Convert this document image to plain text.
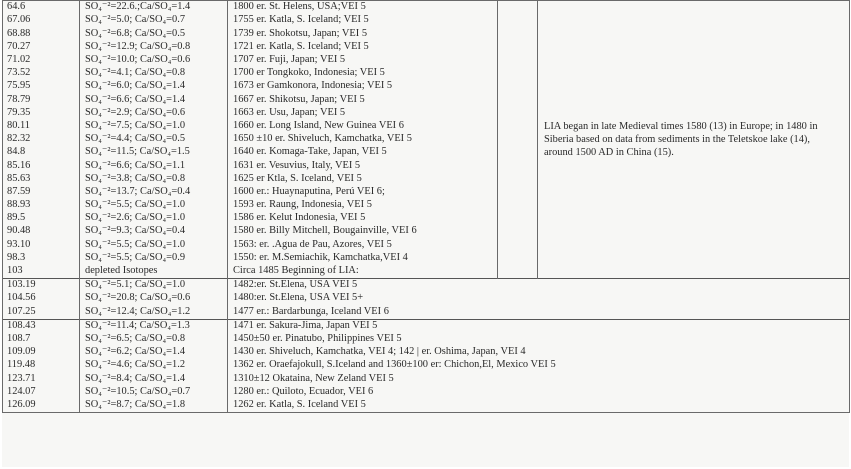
64.6	SO₄⁻²=22.6.;Ca/SO₄=1.4	1800 er. St. Helens, USA;VEI 5		LIA began in late Medieval times 1580 (13) in Europe; in 1480 in Siberia based on data from sediments in the Teletskoe lake (14), around 1500 AD in China (15).
67.06	SO₄⁻²=5.0; Ca/SO₄=0.7	1755 er. Katla, S. Iceland; VEI 5		
68.88	SO₄⁻²=6.8; Ca/SO₄=0.5	1739 er. Shokotsu, Japan; VEI 5		
70.27	SO₄⁻²=12.9; Ca/SO₄=0.8	1721 er. Katla, S. Iceland; VEI 5		
71.02	SO₄⁻²=10.0; Ca/SO₄=0.6	1707 er. Fuji, Japan; VEI 5		
73.52	SO₄⁻²=4.1; Ca/SO₄=0.8	1700 er Tongkoko, Indonesia; VEI 5		
75.95	SO₄⁻²=6.0; Ca/SO₄=1.4	1673 er Gamkonora, Indonesia; VEI 5		
78.79	SO₄⁻²=6.6; Ca/SO₄=1.4	1667 er. Shikotsu, Japan; VEI 5		
79.35	SO₄⁻²=2.9; Ca/SO₄=0.6	1663 er. Usu, Japan; VEI 5		
80.11	SO₄⁻²=7.5; Ca/SO₄=1.0	1660 er. Long Island, New Guinea VEI 6		
82.32	SO₄⁻²=4.4; Ca/SO₄=0.5	1650 ±10 er. Shiveluch, Kamchatka, VEI 5		
84.8	SO₄⁻²=11.5; Ca/SO₄=1.5	1640 er. Komaga-Take, Japan, VEI 5		
85.16	SO₄⁻²=6.6; Ca/SO₄=1.1	1631 er. Vesuvius, Italy, VEI 5		
85.63	SO₄⁻²=3.8; Ca/SO₄=0.8	1625 er Ktla, S. Iceland, VEI 5		
87.59	SO₄⁻²=13.7; Ca/SO₄=0.4	1600 er.: Huaynaputina, Perú VEI 6;		
88.93	SO₄⁻²=5.5; Ca/SO₄=1.0	1593 er. Raung, Indonesia, VEI 5		
89.5	SO₄⁻²=2.6; Ca/SO₄=1.0	1586 er. Kelut Indonesia, VEI 5		
90.48	SO₄⁻²=9.3; Ca/SO₄=0.4	1580 er. Billy Mitchell, Bougainville, VEI 6		
93.10	SO₄⁻²=5.5; Ca/SO₄=1.0	1563: er. .Agua de Pau, Azores, VEI 5		
98.3	SO₄⁻²=5.5; Ca/SO₄=0.9	1550: er. M.Semiachik, Kamchatka,VEI 4		
103	depleted Isotopes	Circa 1485 Beginning of LIA:		
103.19	SO₄⁻²=5.1; Ca/SO₄=1.0	1482:er. St.Elena, USA VEI 5		
104.56	SO₄⁻²=20.8; Ca/SO₄=0.6	1480:er. St.Elena, USA VEI 5+		
107.25	SO₄⁻²=12.4; Ca/SO₄=1.2	1477 er.: Bardarbunga, Iceland VEI 6		
108.43	SO₄⁻²=11.4; Ca/SO₄=1.3	1471 er. Sakura-Jima, Japan VEI 5		
108.7	SO₄⁻²=6.5; Ca/SO₄=0.8	1450±50 er. Pinatubo, Philippines VEI 5		
109.09	SO₄⁻²=6.2; Ca/SO₄=1.4	1430 er. Shiveluch, Kamchatka, VEI 4; 142 | er. Oshima, Japan, VEI 4		
119.48	SO₄⁻²=4.6; Ca/SO₄=1.2	1362 er. Oraefajokull, S.Iceland and 1360±100 er: Chichon,El, Mexico VEI 5		
123.71	SO₄⁻²=8.4; Ca/SO₄=1.4	1310±12 Okataina, New Zeland VEI 5		
124.07	SO₄⁻²=10.5; Ca/SO₄=0.7	1280 er.: Quiloto, Ecuador, VEI 6		
126.09	SO₄⁻²=8.7; Ca/SO₄=1.8	1262 er. Katla, S. Iceland VEI 5		
